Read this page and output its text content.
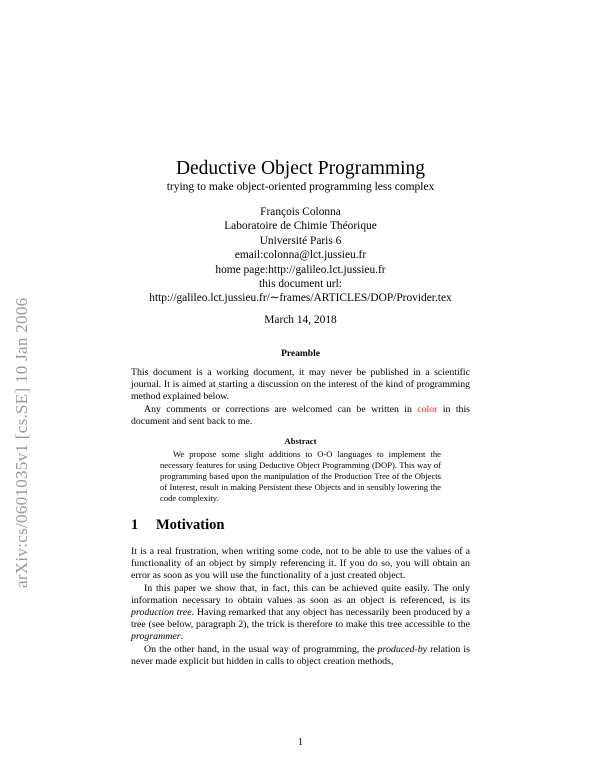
arXiv:cs/0601035v1 [cs.SE] 10 Jan 2006
Deductive Object Programming
trying to make object-oriented programming less complex
François Colonna
Laboratoire de Chimie Théorique
Université Paris 6
email:colonna@lct.jussieu.fr
home page:http://galileo.lct.jussieu.fr
this document url:
http://galileo.lct.jussieu.fr/∼frames/ARTICLES/DOP/Provider.tex
March 14, 2018
Preamble
This document is a working document, it may never be published in a scientific journal. It is aimed at starting a discussion on the interest of the kind of programming method explained below.
Any comments or corrections are welcomed can be written in color in this document and sent back to me.
Abstract
We propose some slight additions to O-O languages to implement the necessary features for using Deductive Object Programming (DOP). This way of programming based upon the manipulation of the Production Tree of the Objects of Interest, result in making Persistent these Objects and in sensibly lowering the code complexity.
1 Motivation
It is a real frustration, when writing some code, not to be able to use the values of a functionality of an object by simply referencing it. If you do so, you will obtain an error as soon as you will use the functionality of a just created object.
In this paper we show that, in fact, this can be achieved quite easily. The only information necessary to obtain values as soon as an object is referenced, is its production tree. Having remarked that any object has necessarily been produced by a tree (see below, paragraph 2), the trick is therefore to make this tree accessible to the programmer.
On the other hand, in the usual way of programming, the produced-by relation is never made explicit but hidden in calls to object creation methods,
1
